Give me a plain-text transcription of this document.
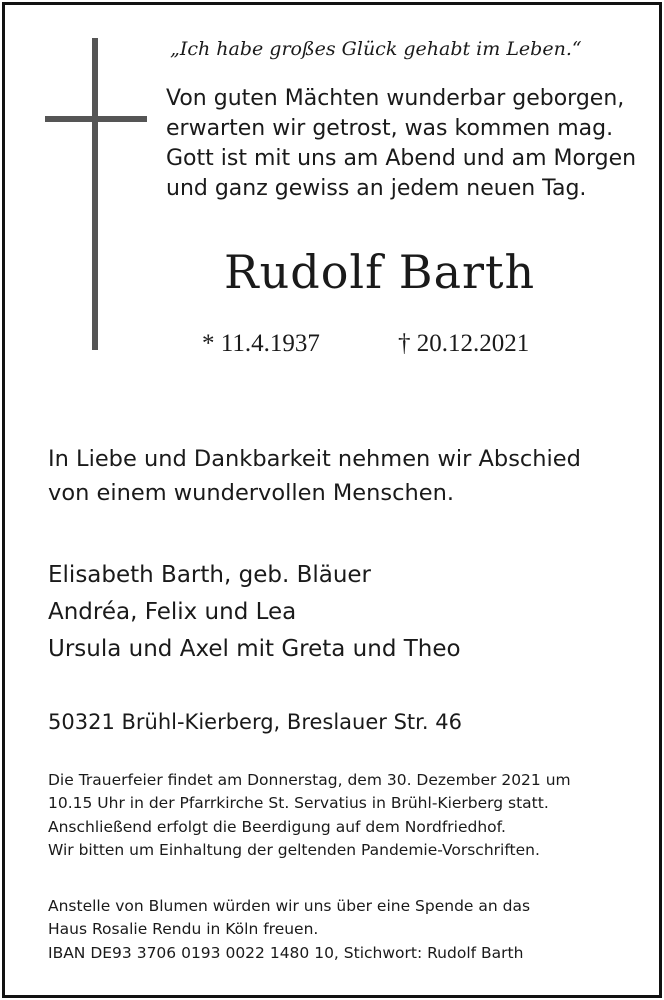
„Ich habe großes Glück gehabt im Leben.“
Von guten Mächten wunderbar geborgen,
erwarten wir getrost, was kommen mag.
Gott ist mit uns am Abend und am Morgen
und ganz gewiss an jedem neuen Tag.
Rudolf Barth
* 11.4.1937	† 20.12.2021
In Liebe und Dankbarkeit nehmen wir Abschied
von einem wundervollen Menschen.
Elisabeth Barth, geb. Bläuer
Andréa, Felix und Lea
Ursula und Axel mit Greta und Theo
50321 Brühl-Kierberg, Breslauer Str. 46
Die Trauerfeier findet am Donnerstag, dem 30. Dezember 2021 um
10.15 Uhr in der Pfarrkirche St. Servatius in Brühl-Kierberg statt.
Anschließend erfolgt die Beerdigung auf dem Nordfriedhof.
Wir bitten um Einhaltung der geltenden Pandemie-Vorschriften.
Anstelle von Blumen würden wir uns über eine Spende an das
Haus Rosalie Rendu in Köln freuen.
IBAN DE93 3706 0193 0022 1480 10, Stichwort: Rudolf Barth
